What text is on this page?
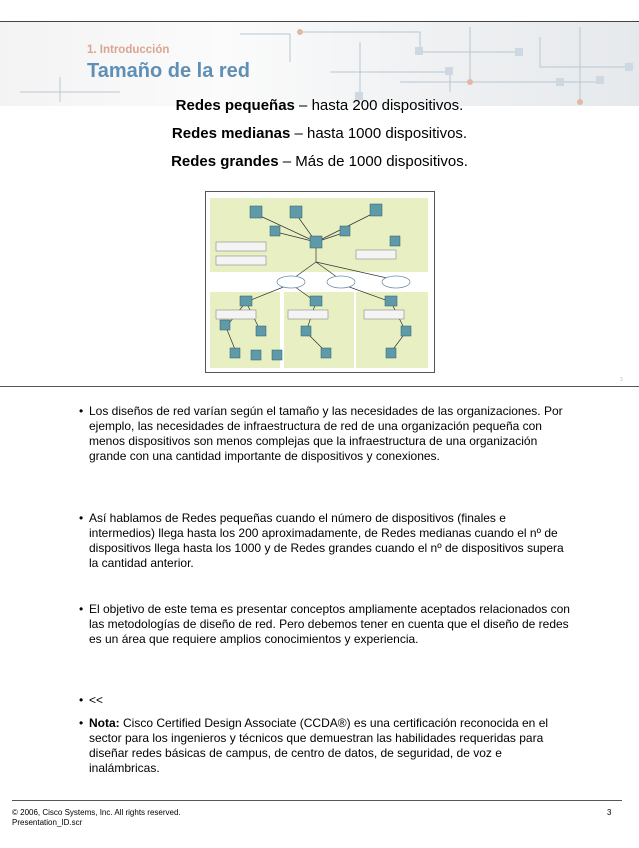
1. Introducción
Tamaño de la red
Redes pequeñas – hasta 200 dispositivos.
Redes medianas – hasta 1000 dispositivos.
Redes grandes – Más de 1000 dispositivos.
3
• Los diseños de red varían según el tamaño y las necesidades de las organizaciones. Por ejemplo, las necesidades de infraestructura de red de una organización pequeña con menos dispositivos son menos complejas que la infraestructura de una organización grande con una cantidad importante de dispositivos y conexiones.
• Así hablamos de Redes pequeñas cuando el número de dispositivos (finales e intermedios) llega hasta los 200 aproximadamente, de Redes medianas cuando el nº de dispositivos llega hasta los 1000 y de Redes grandes cuando el nº de dispositivos supera la cantidad anterior.
• El objetivo de este tema es presentar conceptos ampliamente aceptados relacionados con las metodologías de diseño de red. Pero debemos tener en cuenta que el diseño de redes es un área que requiere amplios conocimientos y experiencia.
• <<
• Nota: Cisco Certified Design Associate (CCDA®) es una certificación reconocida en el sector para los ingenieros y técnicos que demuestran las habilidades requeridas para diseñar redes básicas de campus, de centro de datos, de seguridad, de voz e inalámbricas.
© 2006, Cisco Systems, Inc. All rights reserved.
Presentation_ID.scr
3
